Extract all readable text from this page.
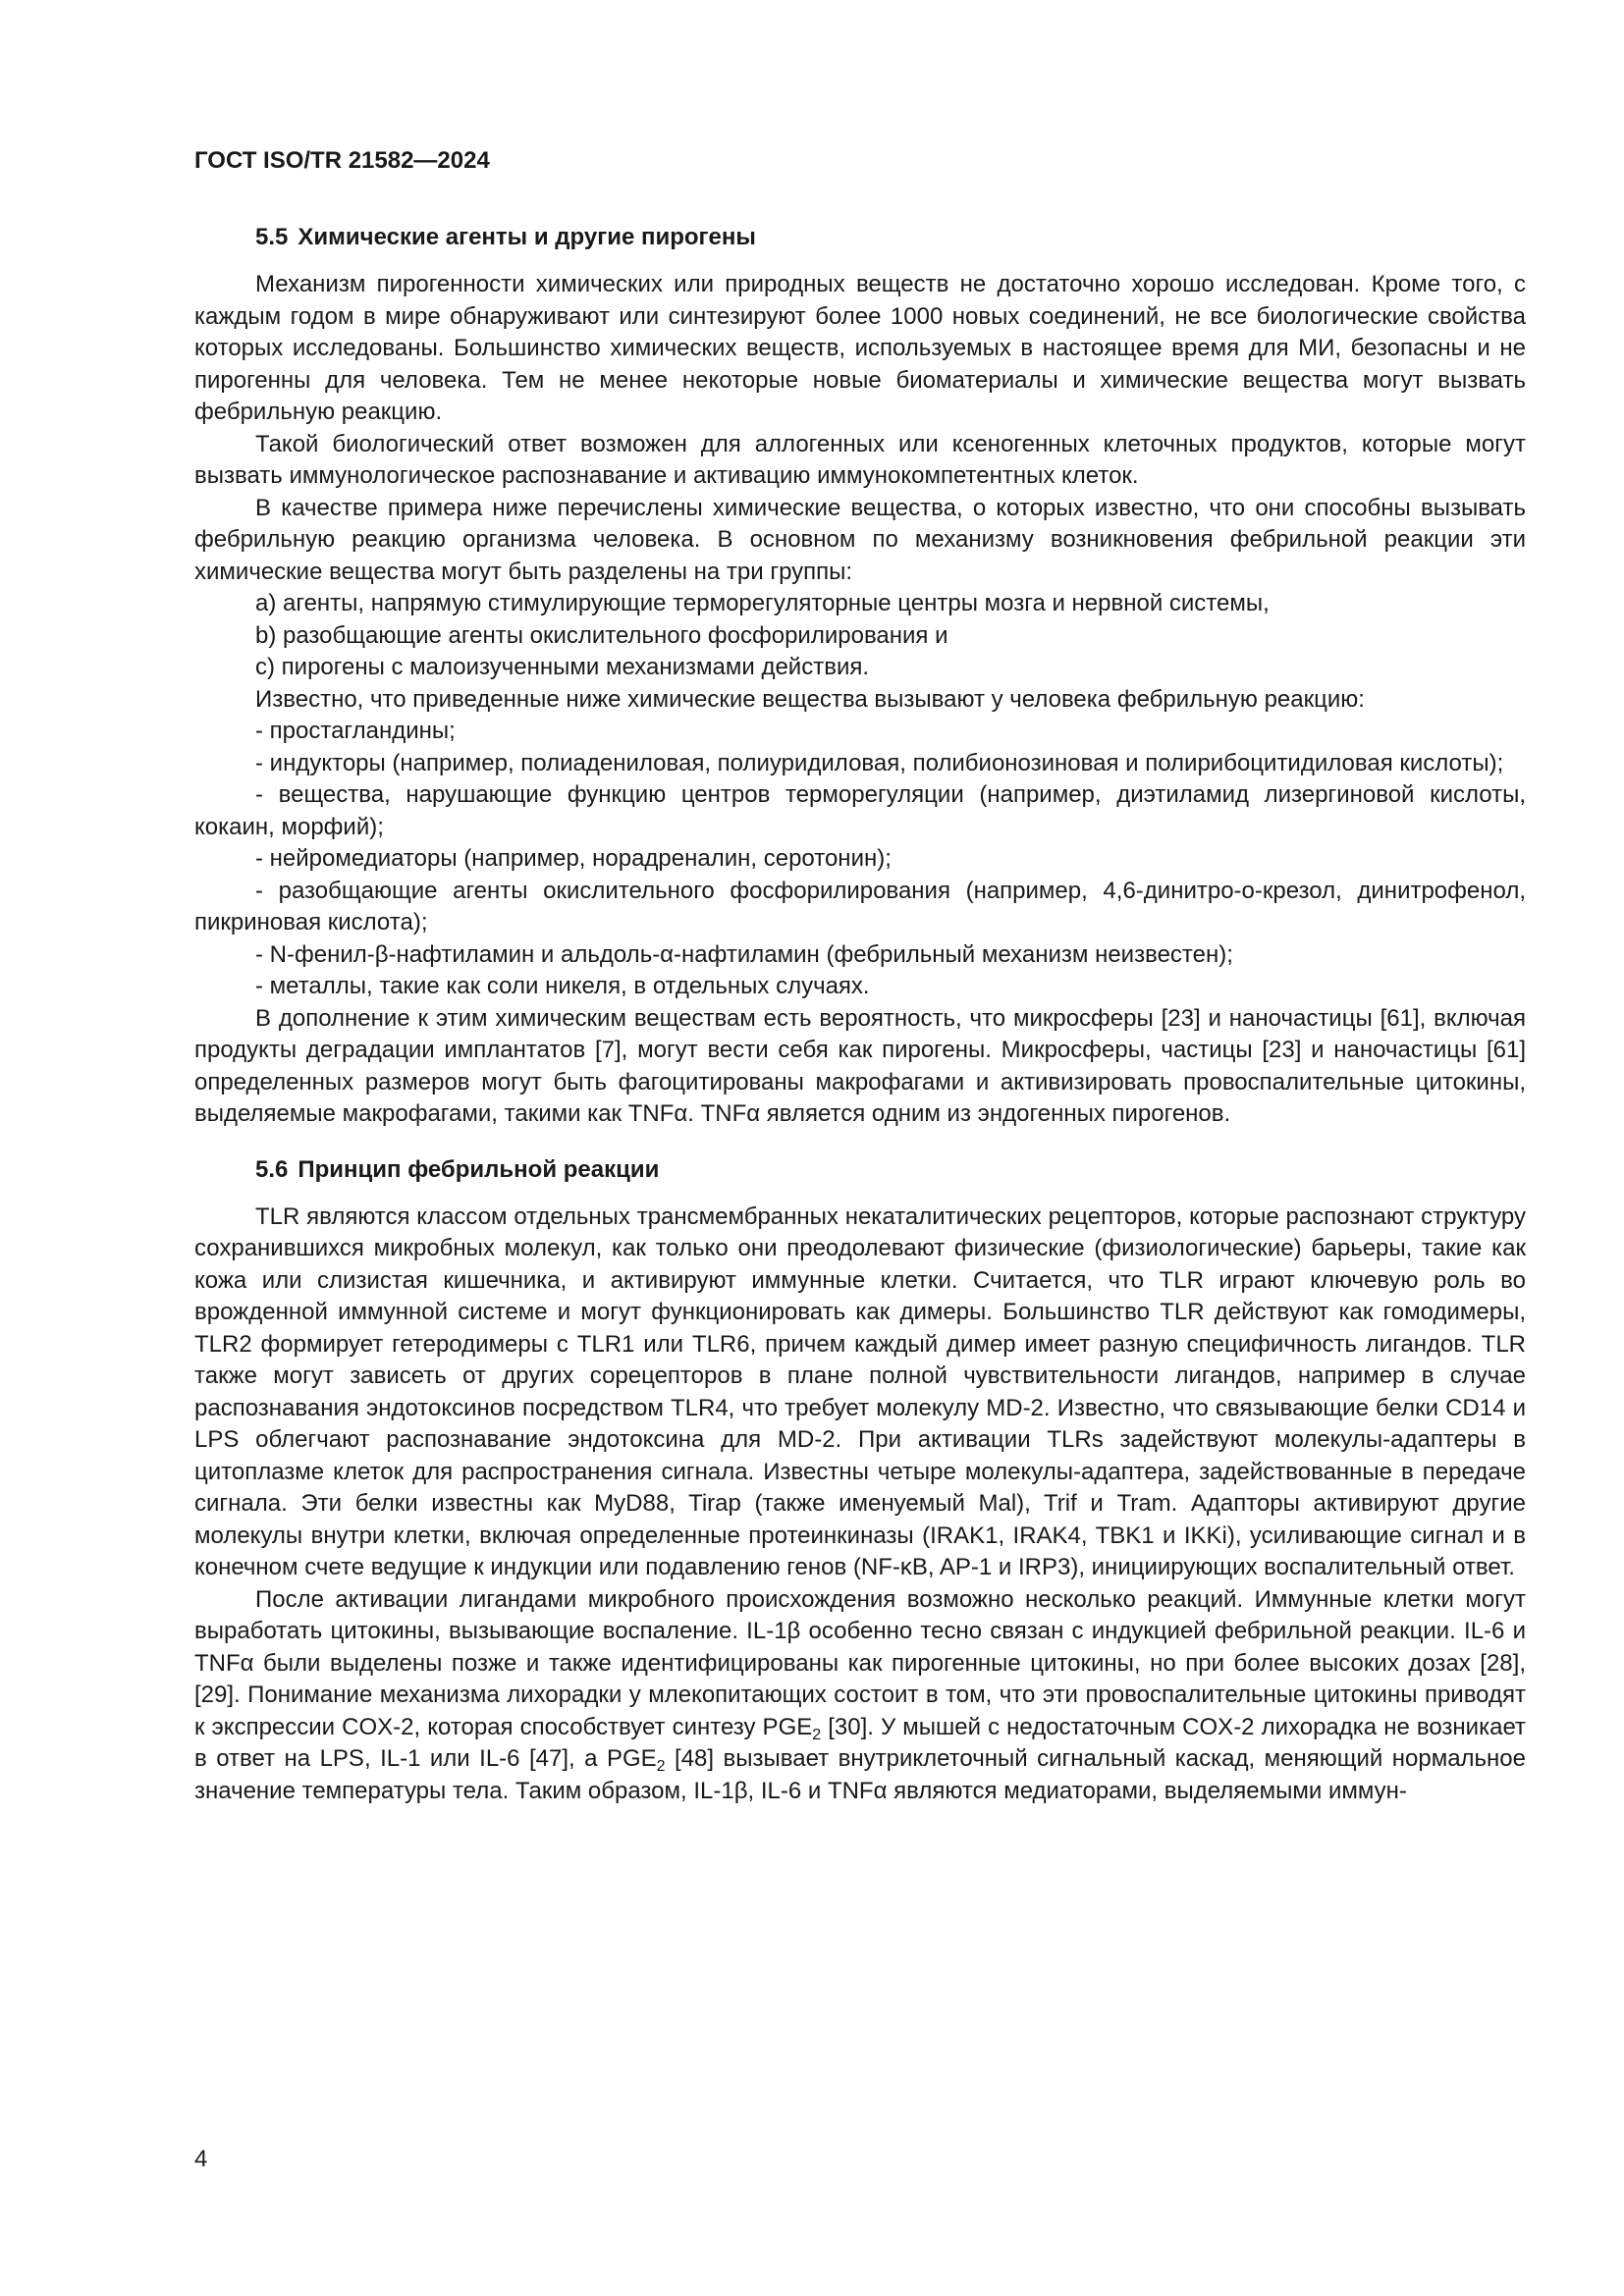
ГОСТ ISO/TR 21582—2024
5.5 Химические агенты и другие пирогены

Механизм пирогенности химических или природных веществ не достаточно хорошо исследован. Кроме того, с каждым годом в мире обнаруживают или синтезируют более 1000 новых соединений, не все биологические свойства которых исследованы. Большинство химических веществ, используемых в настоящее время для МИ, безопасны и не пирогенны для человека. Тем не менее некоторые новые биоматериалы и химические вещества могут вызвать фебрильную реакцию.

Такой биологический ответ возможен для аллогенных или ксеногенных клеточных продуктов, которые могут вызвать иммунологическое распознавание и активацию иммунокомпетентных клеток.

В качестве примера ниже перечислены химические вещества, о которых известно, что они способны вызывать фебрильную реакцию организма человека. В основном по механизму возникновения фебрильной реакции эти химические вещества могут быть разделены на три группы:

a) агенты, напрямую стимулирующие терморегуляторные центры мозга и нервной системы,

b) разобщающие агенты окислительного фосфорилирования и

c) пирогены с малоизученными механизмами действия.

Известно, что приведенные ниже химические вещества вызывают у человека фебрильную реакцию:

- простагландины;

- индукторы (например, полиадениловая, полиуридиловая, полибионозиновая и полирибоцитидиловая кислоты);

- вещества, нарушающие функцию центров терморегуляции (например, диэтиламид лизергиновой кислоты, кокаин, морфий);

- нейромедиаторы (например, норадреналин, серотонин);

- разобщающие агенты окислительного фосфорилирования (например, 4,6-динитро-о-крезол, динитрофенол, пикриновая кислота);

- N-фенил-β-нафтиламин и альдоль-α-нафтиламин (фебрильный механизм неизвестен);

- металлы, такие как соли никеля, в отдельных случаях.

В дополнение к этим химическим веществам есть вероятность, что микросферы [23] и наночастицы [61], включая продукты деградации имплантатов [7], могут вести себя как пирогены. Микросферы, частицы [23] и наночастицы [61] определенных размеров могут быть фагоцитированы макрофагами и активизировать провоспалительные цитокины, выделяемые макрофагами, такими как TNFα. TNFα является одним из эндогенных пирогенов.

5.6 Принцип фебрильной реакции

TLR являются классом отдельных трансмембранных некаталитических рецепторов, которые распознают структуру сохранившихся микробных молекул, как только они преодолевают физические (физиологические) барьеры, такие как кожа или слизистая кишечника, и активируют иммунные клетки. Считается, что TLR играют ключевую роль во врожденной иммунной системе и могут функционировать как димеры. Большинство TLR действуют как гомодимеры, TLR2 формирует гетеродимеры с TLR1 или TLR6, причем каждый димер имеет разную специфичность лигандов. TLR также могут зависеть от других сорецепторов в плане полной чувствительности лигандов, например в случае распознавания эндотоксинов посредством TLR4, что требует молекулу MD-2. Известно, что связывающие белки CD14 и LPS облегчают распознавание эндотоксина для MD-2. При активации TLRs задействуют молекулы-адаптеры в цитоплазме клеток для распространения сигнала. Известны четыре молекулы-адаптера, задействованные в передаче сигнала. Эти белки известны как MyD88, Tirap (также именуемый Mal), Trif и Tram. Адапторы активируют другие молекулы внутри клетки, включая определенные протеинкиназы (IRAK1, IRAK4, TBK1 и IKKi), усиливающие сигнал и в конечном счете ведущие к индукции или подавлению генов (NF-κB, AP-1 и IRP3), инициирующих воспалительный ответ.

После активации лигандами микробного происхождения возможно несколько реакций. Иммунные клетки могут выработать цитокины, вызывающие воспаление. IL-1β особенно тесно связан с индукцией фебрильной реакции. IL-6 и TNFα были выделены позже и также идентифицированы как пирогенные цитокины, но при более высоких дозах [28], [29]. Понимание механизма лихорадки у млекопитающих состоит в том, что эти провоспалительные цитокины приводят к экспрессии COX-2, которая способствует синтезу $PGE_2$ [30]. У мышей с недостаточным COX-2 лихорадка не возникает в ответ на LPS, IL-1 или IL-6 [47], а $PGE_2$ [48] вызывает внутриклеточный сигнальный каскад, меняющий нормальное значение температуры тела. Таким образом, IL-1β, IL-6 и TNFα являются медиаторами, выделяемыми иммун-

4
